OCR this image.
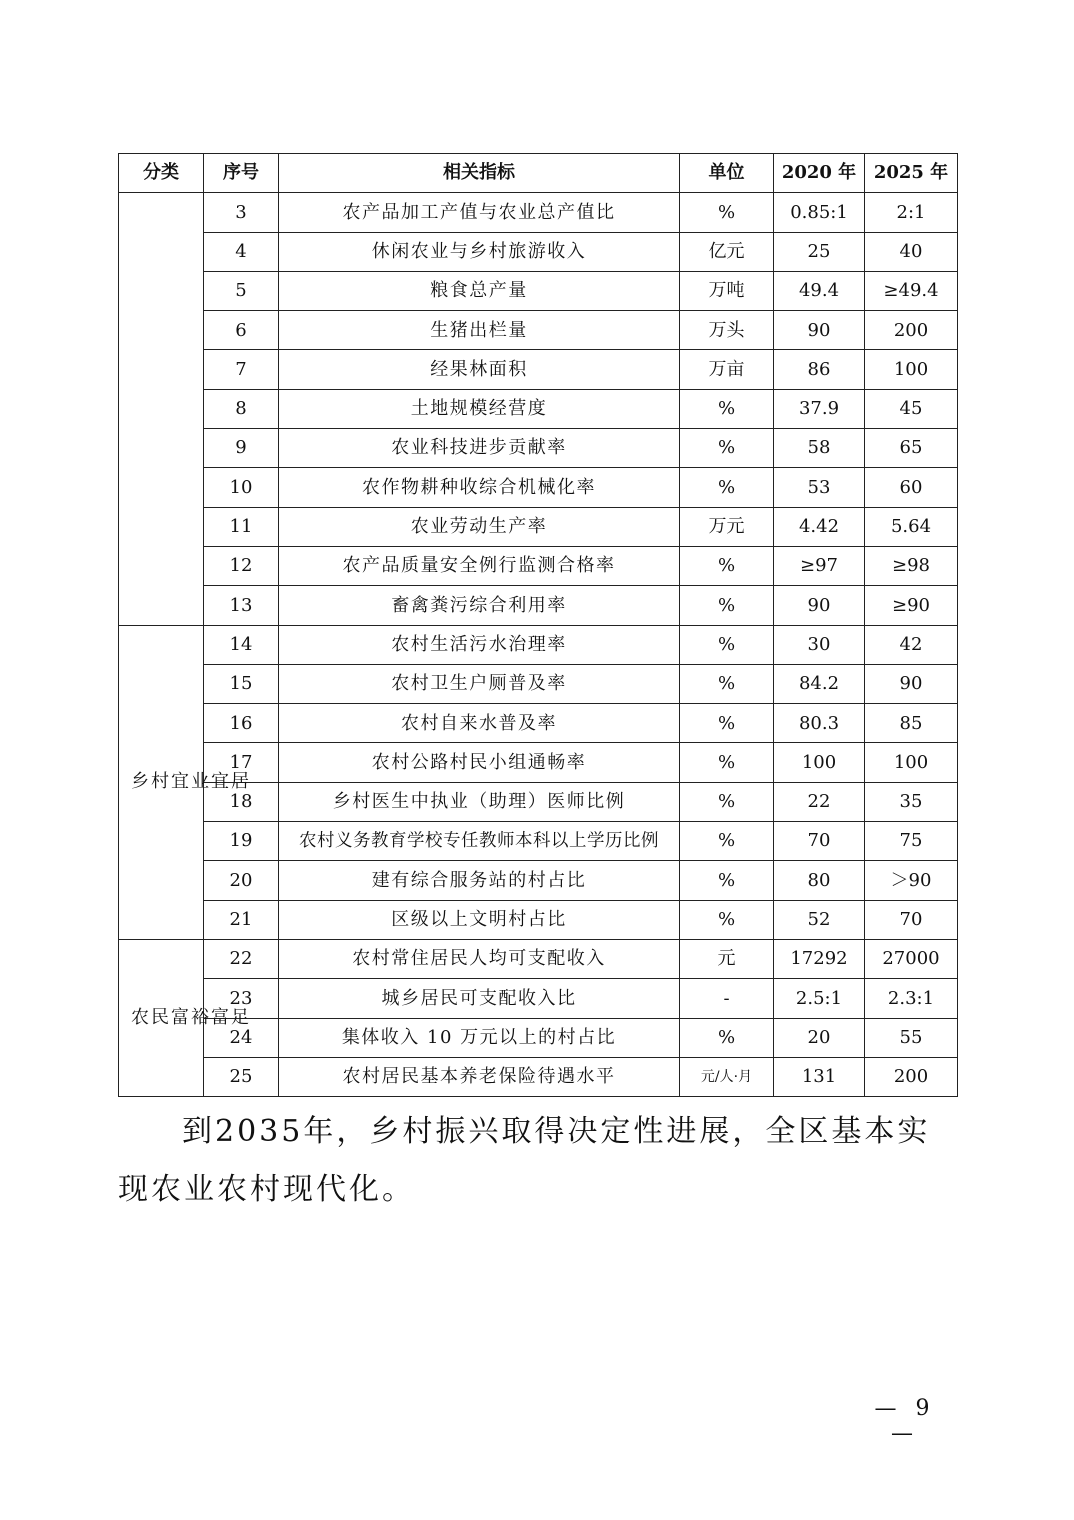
分类	序号	相关指标	单位	2020 年	2025 年

	3	农产品加工产值与农业总产值比	%	0.85:1	2:1
	4	休闲农业与乡村旅游收入	亿元	25	40
	5	粮食总产量	万吨	49.4	≥49.4
	6	生猪出栏量	万头	90	200
	7	经果林面积	万亩	86	100
	8	土地规模经营度	%	37.9	45
	9	农业科技进步贡献率	%	58	65
	10	农作物耕种收综合机械化率	%	53	60
	11	农业劳动生产率	万元	4.42	5.64
	12	农产品质量安全例行监测合格率	%	≥97	≥98
	13	畜禽粪污综合利用率	%	90	≥90

乡村宜业宜居	14	农村生活污水治理率	%	30	42
	15	农村卫生户厕普及率	%	84.2	90
	16	农村自来水普及率	%	80.3	85
	17	农村公路村民小组通畅率	%	100	100
	18	乡村医生中执业（助理）医师比例	%	22	35
	19	农村义务教育学校专任教师本科以上学历比例	%	70	75
	20	建有综合服务站的村占比	%	80	＞90
	21	区级以上文明村占比	%	52	70

农民富裕富足	22	农村常住居民人均可支配收入	元	17292	27000
	23	城乡居民可支配收入比	-	2.5:1	2.3:1
	24	集体收入 10 万元以上的村占比	%	20	55
	25	农村居民基本养老保险待遇水平	元/人·月	131	200

到2035年，乡村振兴取得决定性进展，全区基本实现农业农村现代化。

— 9 —
